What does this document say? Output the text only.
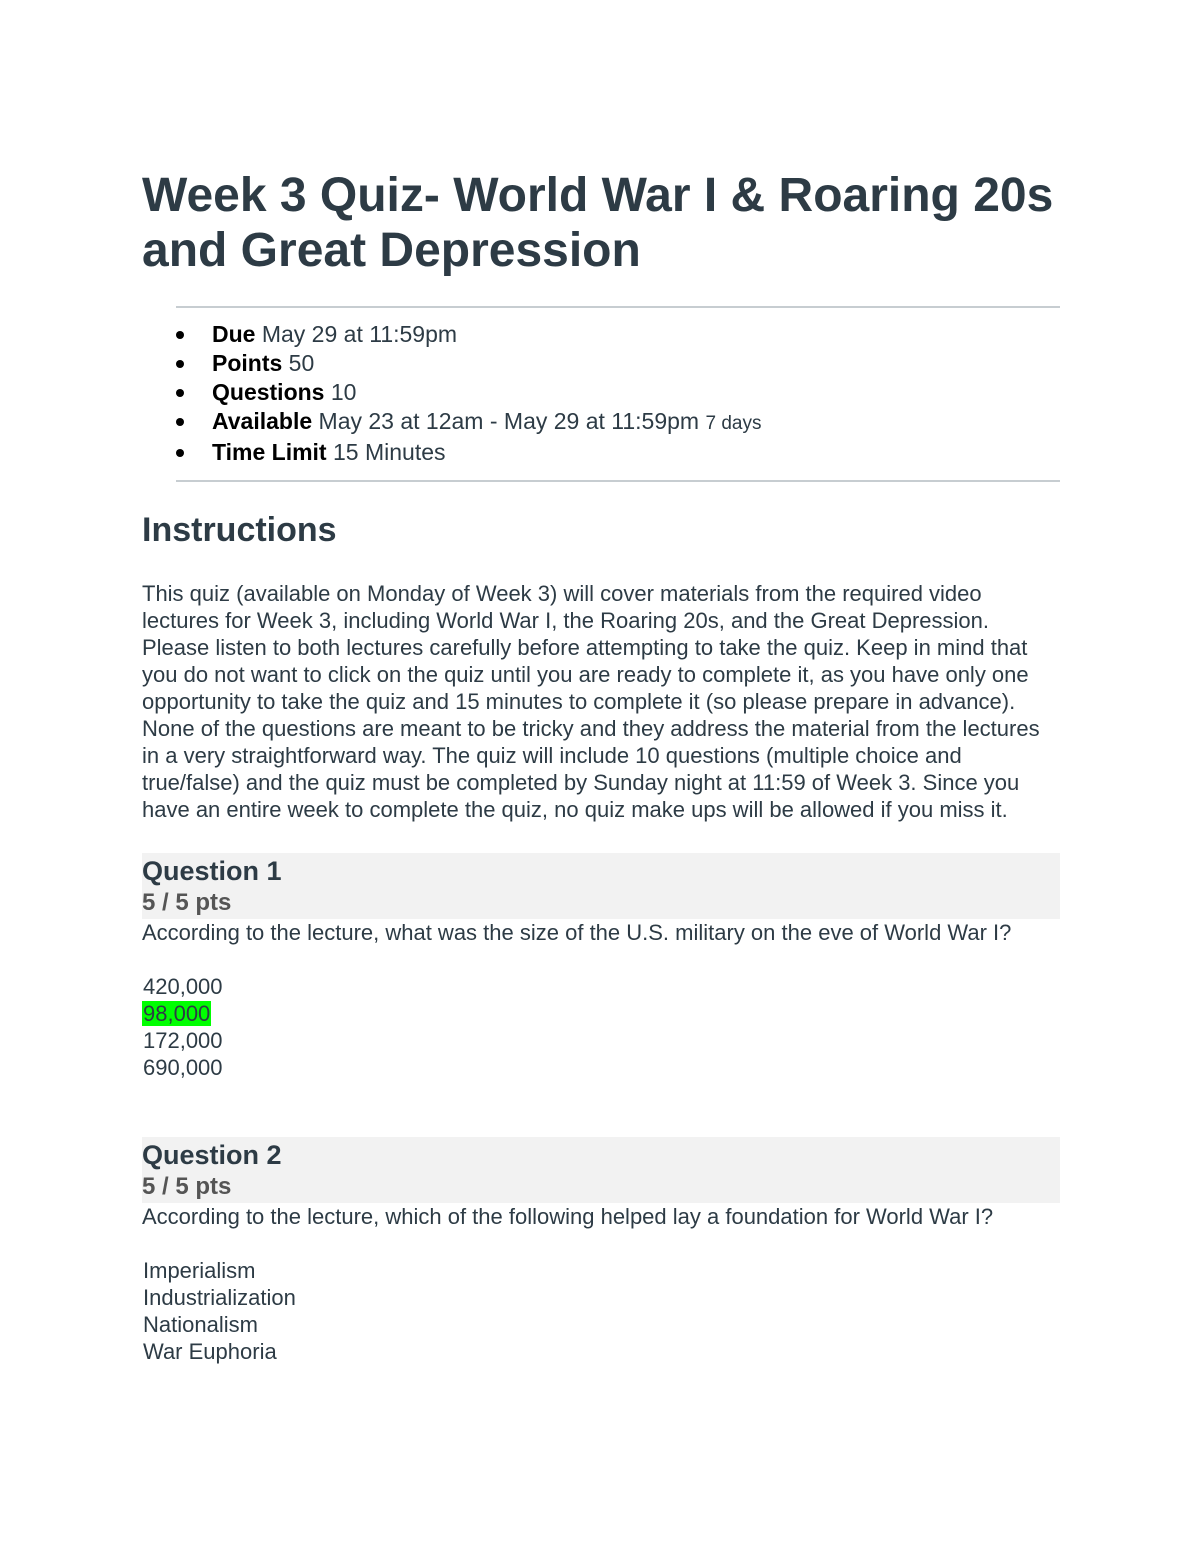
Week 3 Quiz- World War I & Roaring 20s and Great Depression
Due May 29 at 11:59pm
Points 50
Questions 10
Available May 23 at 12am - May 29 at 11:59pm 7 days
Time Limit 15 Minutes
Instructions

This quiz (available on Monday of Week 3) will cover materials from the required video lectures for Week 3, including World War I, the Roaring 20s, and the Great Depression. Please listen to both lectures carefully before attempting to take the quiz. Keep in mind that you do not want to click on the quiz until you are ready to complete it, as you have only one opportunity to take the quiz and 15 minutes to complete it (so please prepare in advance). None of the questions are meant to be tricky and they address the material from the lectures in a very straightforward way. The quiz will include 10 questions (multiple choice and true/false) and the quiz must be completed by Sunday night at 11:59 of Week 3. Since you have an entire week to complete the quiz, no quiz make ups will be allowed if you miss it.

Question 1
5 / 5 pts
According to the lecture, what was the size of the U.S. military on the eve of World War I?
420,000
98,000
172,000
690,000
Question 2
5 / 5 pts
According to the lecture, which of the following helped lay a foundation for World War I?
Imperialism
Industrialization
Nationalism
War Euphoria
